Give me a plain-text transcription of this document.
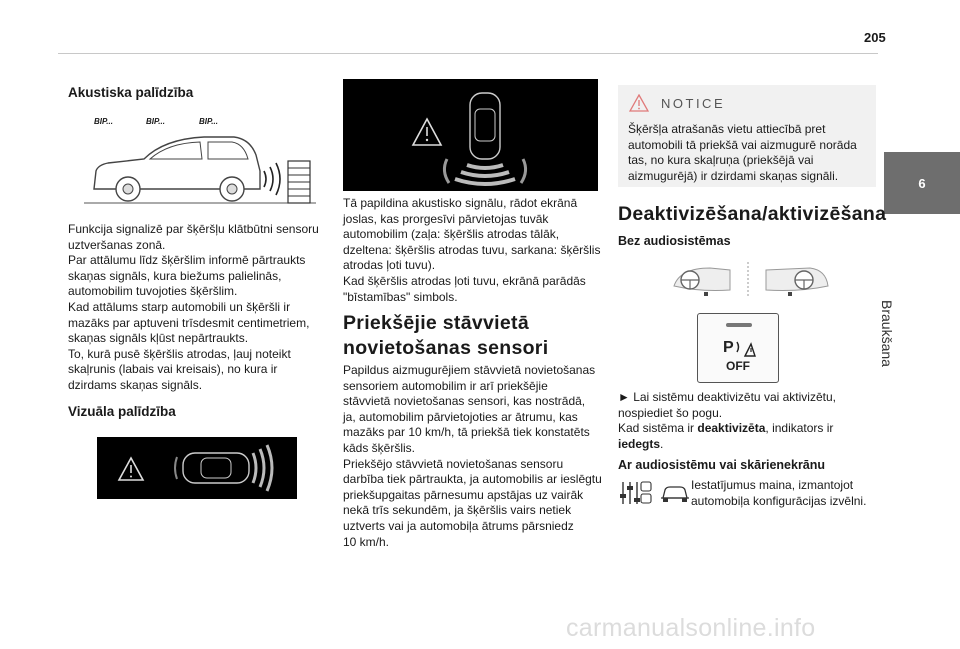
205
6
Braukšana
Akustiska palīdzība
BIP...	BIP...	BIP...
Funkcija signalizē par šķēršļu klātbūtni sensoru
uztveršanas zonā.
Par attālumu līdz šķēršlim informē pārtraukts
skaņas signāls, kura biežums palielinās,
automobilim tuvojoties šķēršlim.
Kad attālums starp automobili un šķēršli ir
mazāks par aptuveni trīsdesmit centimetriem,
skaņas signāls kļūst nepārtraukts.
To, kurā pusē šķēršlis atrodas, ļauj noteikt
skaļrunis (labais vai kreisais), no kura ir
dzirdams skaņas signāls.
Vizuāla palīdzība
Tā papildina akustisko signālu, rādot ekrānā
joslas, kas prorgesīvi pārvietojas tuvāk
automobilim (zaļa: šķēršlis atrodas tālāk,
dzeltena: šķēršlis atrodas tuvu, sarkana: šķēršlis
atrodas ļoti tuvu).
Kad šķēršlis atrodas ļoti tuvu, ekrānā parādās
"bīstamības" simbols.
Priekšējie stāvvietā
novietošanas sensori
Papildus aizmugurējiem stāvvietā novietošanas
sensoriem automobilim ir arī priekšējie
stāvvietā novietošanas sensori, kas nostrādā,
ja, automobilim pārvietojoties ar ātrumu, kas
mazāks par 10 km/h, tā priekšā tiek konstatēts
kāds šķēršlis.
Priekšējo stāvvietā novietošanas sensoru
darbība tiek pārtraukta, ja automobilis ar ieslēgtu
priekšupgaitas pārnesumu apstājas uz vairāk
nekā trīs sekundēm, ja šķēršlis vairs netiek
uztverts vai ja automobiļa ātrums pārsniedz
10 km/h.
NOTICE
Šķēršļa atrašanās vietu attiecībā pret
automobili tā priekšā vai aizmugurē norāda
tas, no kura skaļruņa (priekšējā vai
aizmugurējā) ir dzirdami skaņas signāli.
Deaktivizēšana/aktivizēšana
Bez audiosistēmas
P
OFF
► Lai sistēmu deaktivizētu vai aktivizētu,
nospiediet šo pogu.
Kad sistēma ir deaktivizēta, indikators ir
iedegts.
Ar audiosistēmu vai skārienekrānu
Iestatījumus maina, izmantojot
automobiļa konfigurācijas izvēlni.
carmanualsonline.info
